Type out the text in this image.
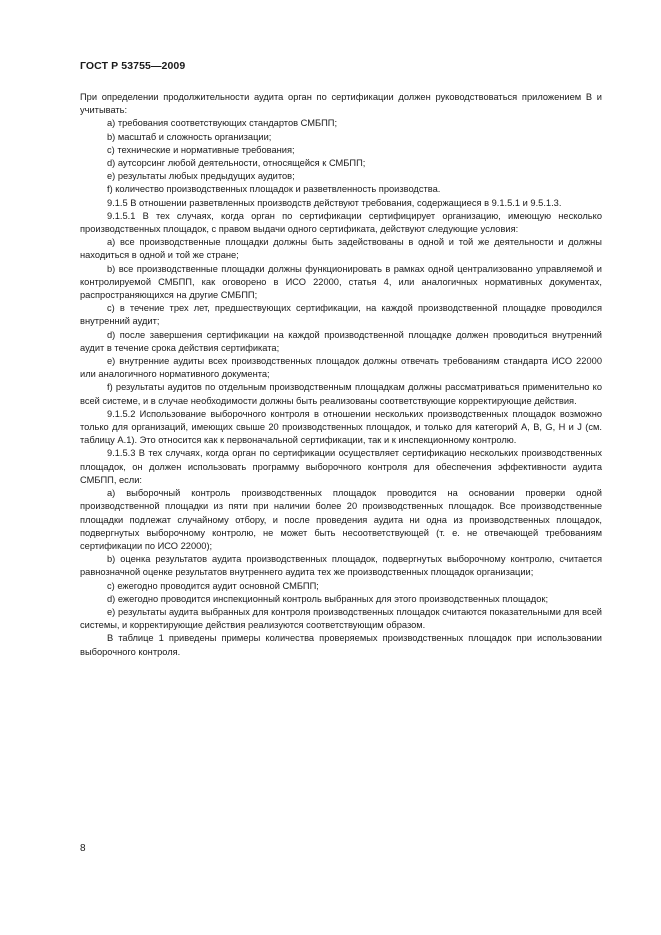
ГОСТ Р 53755—2009

При определении продолжительности аудита орган по сертификации должен руководствоваться приложением В и учитывать:

a) требования соответствующих стандартов СМБПП;

b) масштаб и сложность организации;

c) технические и нормативные требования;

d) аутсорсинг любой деятельности, относящейся к СМБПП;

e) результаты любых предыдущих аудитов;

f) количество производственных площадок и разветвленность производства.

9.1.5 В отношении разветвленных производств действуют требования, содержащиеся в 9.1.5.1 и 9.5.1.3.

9.1.5.1 В тех случаях, когда орган по сертификации сертифицирует организацию, имеющую несколько производственных площадок, с правом выдачи одного сертификата, действуют следующие условия:

a) все производственные площадки должны быть задействованы в одной и той же деятельности и должны находиться в одной и той же стране;

b) все производственные площадки должны функционировать в рамках одной централизованно управляемой и контролируемой СМБПП, как оговорено в ИСО 22000, статья 4, или аналогичных нормативных документах, распространяющихся на другие СМБПП;

c) в течение трех лет, предшествующих сертификации, на каждой производственной площадке проводился внутренний аудит;

d) после завершения сертификации на каждой производственной площадке должен проводиться внутренний аудит в течение срока действия сертификата;

e) внутренние аудиты всех производственных площадок должны отвечать требованиям стандарта ИСО 22000 или аналогичного нормативного документа;

f) результаты аудитов по отдельным производственным площадкам должны рассматриваться применительно ко всей системе, и в случае необходимости должны быть реализованы соответствующие корректирующие действия.

9.1.5.2 Использование выборочного контроля в отношении нескольких производственных площадок возможно только для организаций, имеющих свыше 20 производственных площадок, и только для категорий А, В, G, Н и J (см. таблицу А.1). Это относится как к первоначальной сертификации, так и к инспекционному контролю.

9.1.5.3 В тех случаях, когда орган по сертификации осуществляет сертификацию нескольких производственных площадок, он должен использовать программу выборочного контроля для обеспечения эффективности аудита СМБПП, если:

a) выборочный контроль производственных площадок проводится на основании проверки одной производственной площадки из пяти при наличии более 20 производственных площадок. Все производственные площадки подлежат случайному отбору, и после проведения аудита ни одна из производственных площадок, подвергнутых выборочному контролю, не может быть несоответствующей (т. е. не отвечающей требованиям сертификации по ИСО 22000);

b) оценка результатов аудита производственных площадок, подвергнутых выборочному контролю, считается равнозначной оценке результатов внутреннего аудита тех же производственных площадок организации;

c) ежегодно проводится аудит основной СМБПП;

d) ежегодно проводится инспекционный контроль выбранных для этого производственных площадок;

e) результаты аудита выбранных для контроля производственных площадок считаются показательными для всей системы, и корректирующие действия реализуются соответствующим образом.

В таблице 1 приведены примеры количества проверяемых производственных площадок при использовании выборочного контроля.

8
